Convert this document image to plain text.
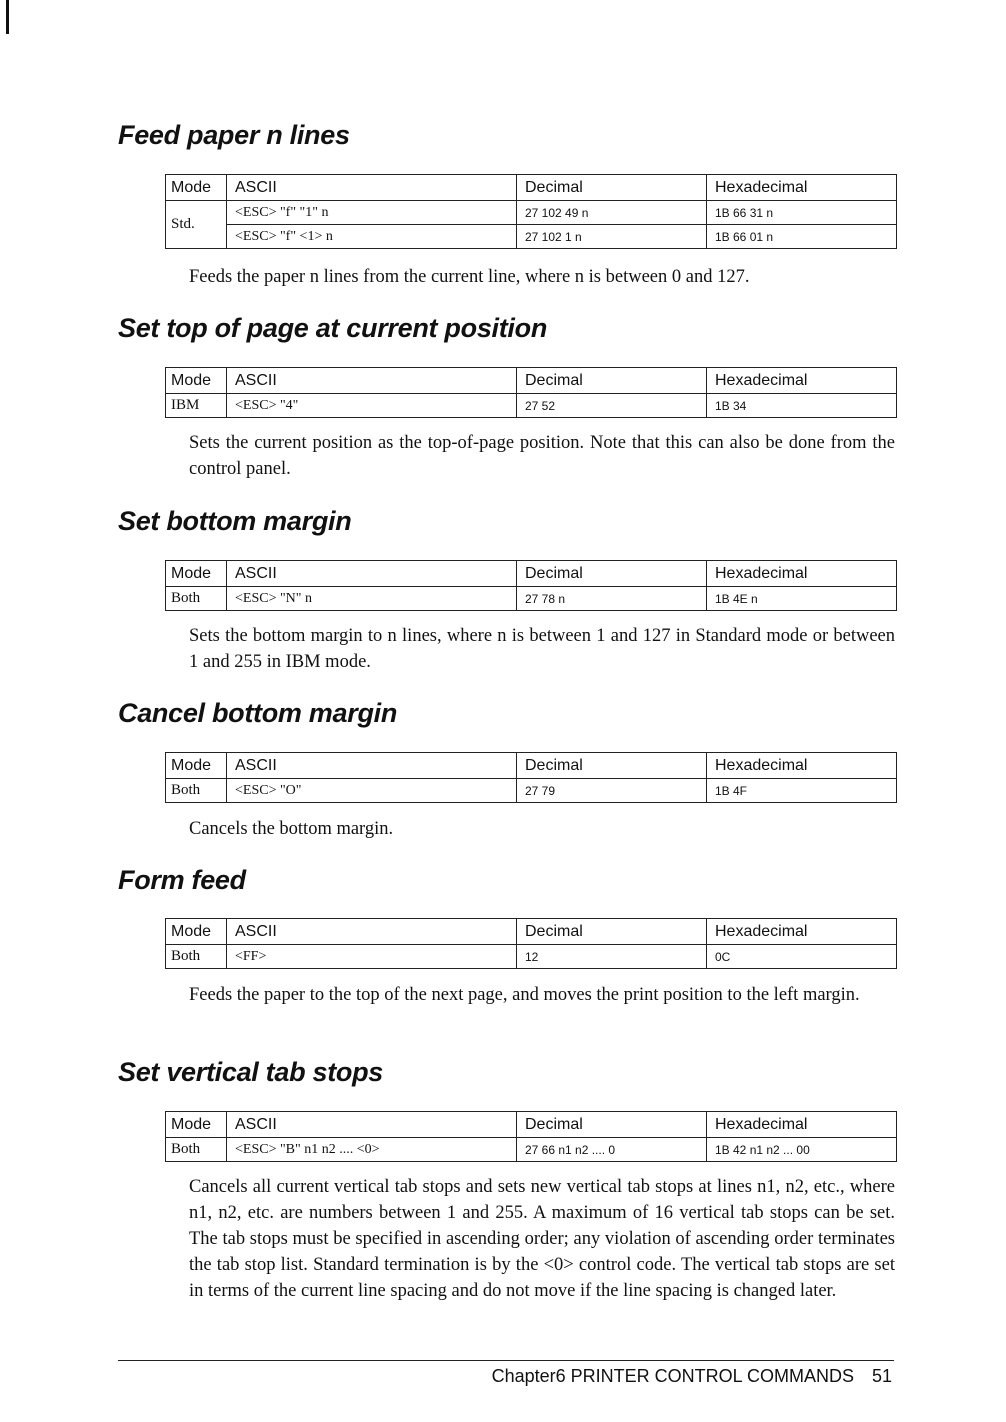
Feed paper n lines
Mode	ASCII	Decimal	Hexadecimal
Std.	<ESC> "f" "1" n	27 102 49 n	1B 66 31 n
	<ESC> "f" <1> n	27 102 1 n	1B 66 01 n

Feeds the paper n lines from the current line, where n is between 0 and 127.

Set top of page at current position
Mode	ASCII	Decimal	Hexadecimal
IBM	<ESC> "4"	27 52	1B 34

Sets the current position as the top-of-page position. Note that this can also be done from the control panel.

Set bottom margin
Mode	ASCII	Decimal	Hexadecimal
Both	<ESC> "N" n	27 78 n	1B 4E n

Sets the bottom margin to n lines, where n is between 1 and 127 in Standard mode or between 1 and 255 in IBM mode.

Cancel bottom margin
Mode	ASCII	Decimal	Hexadecimal
Both	<ESC> "O"	27 79	1B 4F

Cancels the bottom margin.

Form feed
Mode	ASCII	Decimal	Hexadecimal
Both	<FF>	12	0C

Feeds the paper to the top of the next page, and moves the print position to the left margin.

Set vertical tab stops
Mode	ASCII	Decimal	Hexadecimal
Both	<ESC> "B" n1 n2 .... <0>	27 66 n1 n2 .... 0	1B 42 n1 n2 ... 00

Cancels all current vertical tab stops and sets new vertical tab stops at lines n1, n2, etc., where n1, n2, etc. are numbers between 1 and 255. A maximum of 16 vertical tab stops can be set. The tab stops must be specified in ascending order; any violation of ascending order terminates the tab stop list. Standard termination is by the <0> control code. The vertical tab stops are set in terms of the current line spacing and do not move if the line spacing is changed later.

Chapter6 PRINTER CONTROL COMMANDS 51
